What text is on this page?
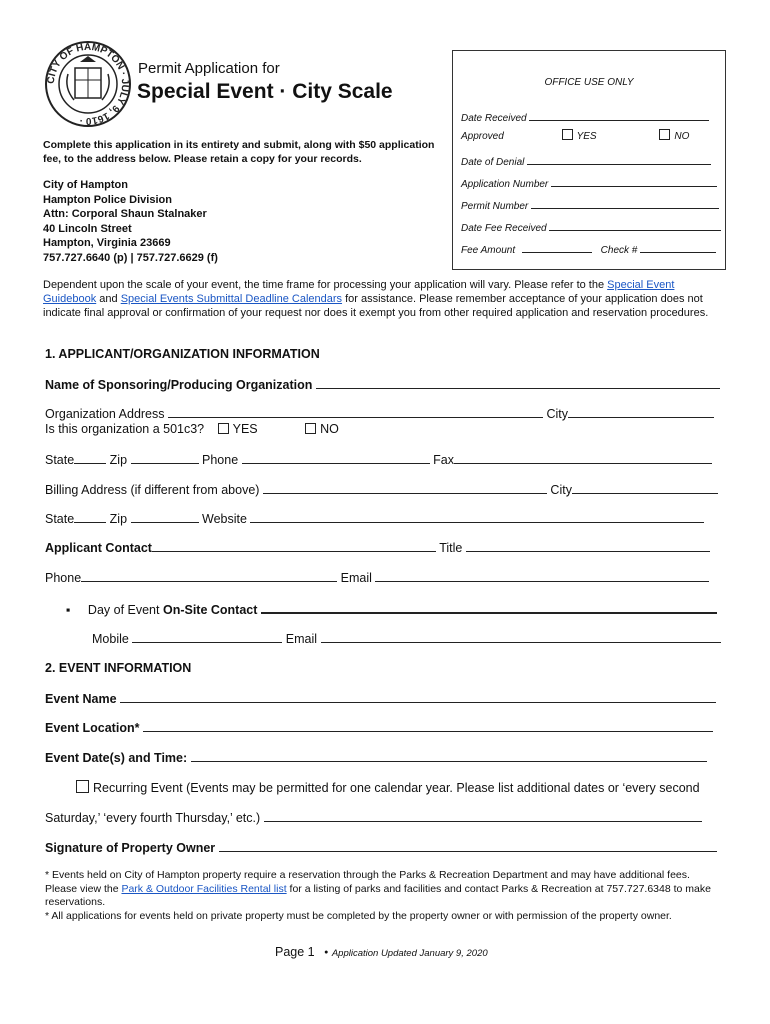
CITY OF HAMPTON · JULY 9, 1610 ·
Permit Application for
Special Event · City Scale
Complete this application in its entirety and submit, along with $50 application fee, to the address below. Please retain a copy for your records.
City of Hampton
Hampton Police Division
Attn: Corporal Shaun Stalnaker
40 Lincoln Street
Hampton, Virginia 23669
757.727.6640 (p) | 757.727.6629 (f)
OFFICE USE ONLY
Date Received
Approved	YES	NO
Date of Denial
Application Number
Permit Number
Date Fee Received
Fee Amount	Check #
Dependent upon the scale of your event, the time frame for processing your application will vary. Please refer to the Special Event Guidebook and Special Events Submittal Deadline Calendars for assistance. Please remember acceptance of your application does not indicate final approval or confirmation of your request nor does it exempt you from other required application and reservation procedures.
1. APPLICANT/ORGANIZATION INFORMATION
Name of Sponsoring/Producing Organization
Organization Address	City
Is this organization a 501c3? YES	NO
State	Zip	Phone	Fax
Billing Address (if different from above)	City
State	Zip	Website
Applicant Contact	Title
Phone	Email
▪ Day of Event On-Site Contact
Mobile	Email
2. EVENT INFORMATION
Event Name
Event Location*
Event Date(s) and Time:
Recurring Event (Events may be permitted for one calendar year. Please list additional dates or ‘every second
Saturday,’ ‘every fourth Thursday,’ etc.)
Signature of Property Owner
* Events held on City of Hampton property require a reservation through the Parks & Recreation Department and may have additional fees. Please view the Park & Outdoor Facilities Rental list for a listing of parks and facilities and contact Parks & Recreation at 757.727.6348 to make reservations.
* All applications for events held on private property must be completed by the property owner or with permission of the property owner.
Page 1 ● Application Updated January 9, 2020
